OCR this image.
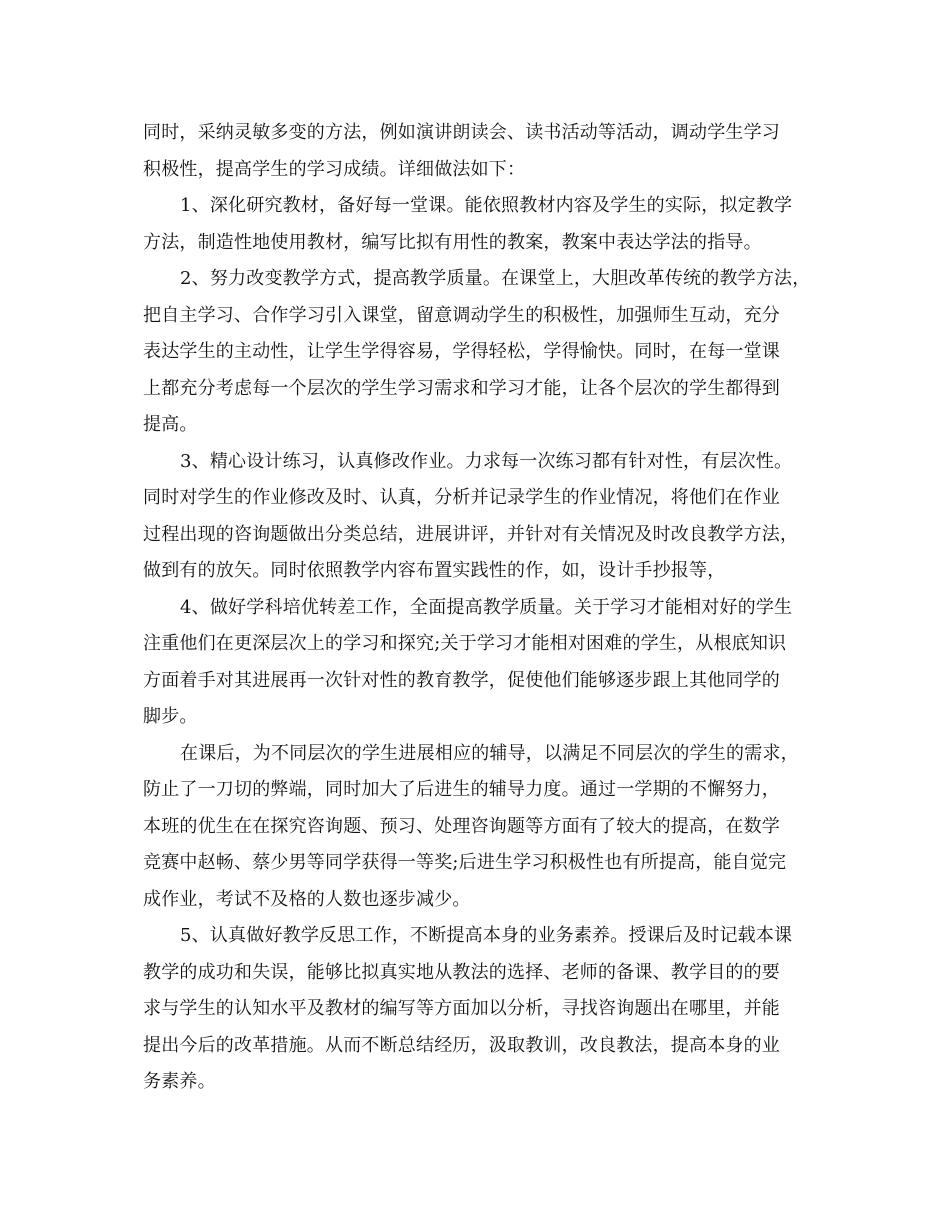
同时，采纳灵敏多变的方法，例如演讲朗读会、读书活动等活动，调动学生学习
积极性，提高学生的学习成绩。详细做法如下：
1、深化研究教材，备好每一堂课。能依照教材内容及学生的实际，拟定教学
方法，制造性地使用教材，编写比拟有用性的教案，教案中表达学法的指导。
2、努力改变教学方式，提高教学质量。在课堂上，大胆改革传统的教学方法，
把自主学习、合作学习引入课堂，留意调动学生的积极性，加强师生互动，充分
表达学生的主动性，让学生学得容易，学得轻松，学得愉快。同时，在每一堂课
上都充分考虑每一个层次的学生学习需求和学习才能，让各个层次的学生都得到
提高。
3、精心设计练习，认真修改作业。力求每一次练习都有针对性，有层次性。
同时对学生的作业修改及时、认真，分析并记录学生的作业情况，将他们在作业
过程出现的咨询题做出分类总结，进展讲评，并针对有关情况及时改良教学方法，
做到有的放矢。同时依照教学内容布置实践性的作，如，设计手抄报等，
4、做好学科培优转差工作，全面提高教学质量。关于学习才能相对好的学生
注重他们在更深层次上的学习和探究;关于学习才能相对困难的学生，从根底知识
方面着手对其进展再一次针对性的教育教学，促使他们能够逐步跟上其他同学的
脚步。
在课后，为不同层次的学生进展相应的辅导，以满足不同层次的学生的需求，
防止了一刀切的弊端，同时加大了后进生的辅导力度。通过一学期的不懈努力，
本班的优生在在探究咨询题、预习、处理咨询题等方面有了较大的提高，在数学
竞赛中赵畅、蔡少男等同学获得一等奖;后进生学习积极性也有所提高，能自觉完
成作业，考试不及格的人数也逐步减少。
5、认真做好教学反思工作，不断提高本身的业务素养。授课后及时记载本课
教学的成功和失误，能够比拟真实地从教法的选择、老师的备课、教学目的的要
求与学生的认知水平及教材的编写等方面加以分析，寻找咨询题出在哪里，并能
提出今后的改革措施。从而不断总结经历，汲取教训，改良教法，提高本身的业
务素养。
